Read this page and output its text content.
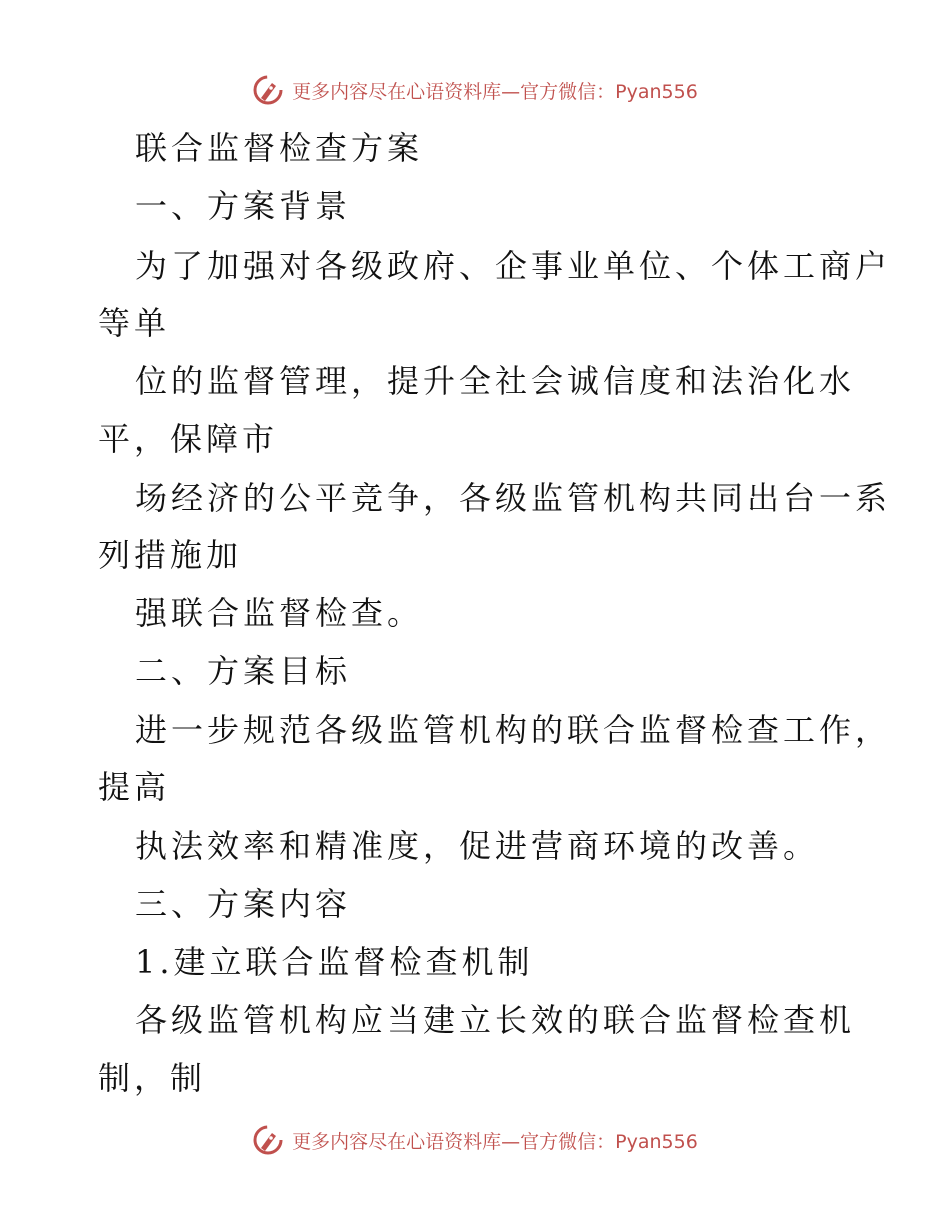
更多内容尽在心语资料库—官方微信：Pyan556
联合监督检查方案
一、方案背景
为了加强对各级政府、企事业单位、个体工商户
等单
位的监督管理，提升全社会诚信度和法治化水
平，保障市
场经济的公平竞争，各级监管机构共同出台一系
列措施加
强联合监督检查。
二、方案目标
进一步规范各级监管机构的联合监督检查工作，
提高
执法效率和精准度，促进营商环境的改善。
三、方案内容
1.建立联合监督检查机制
各级监管机构应当建立长效的联合监督检查机
制，制
更多内容尽在心语资料库—官方微信：Pyan556
